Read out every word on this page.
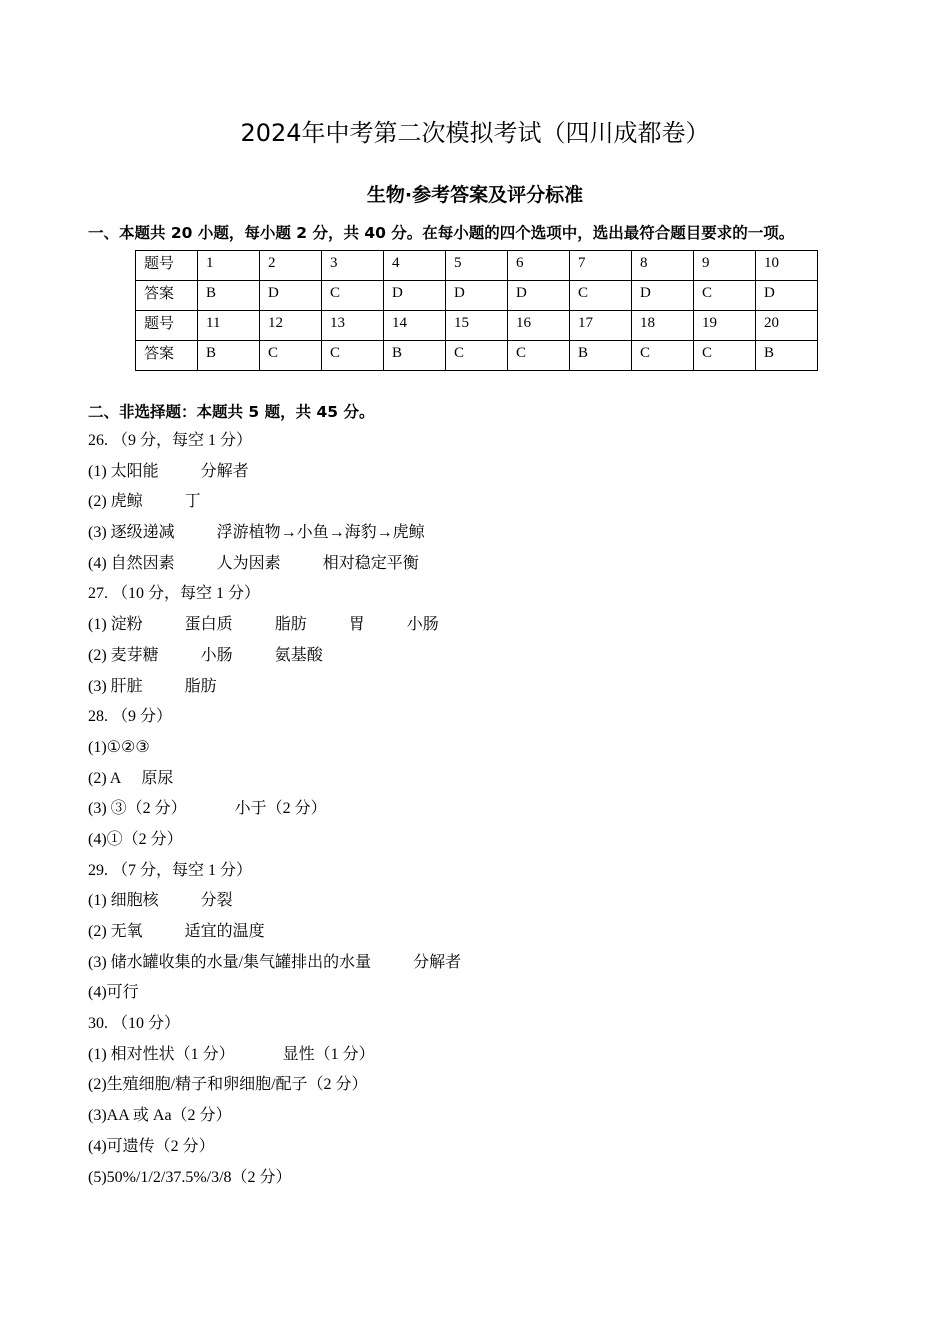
2024年中考第二次模拟考试（四川成都卷）
生物·参考答案及评分标准
一、本题共 20 小题，每小题 2 分，共 40 分。在每小题的四个选项中，选出最符合题目要求的一项。
题号	1	2	3	4	5	6	7	8	9	10
答案	B	D	C	D	D	D	C	D	C	D
题号	11	12	13	14	15	16	17	18	19	20
答案	B	C	C	B	C	C	B	C	C	B
二、非选择题：本题共 5 题，共 45 分。
26. （9 分，每空 1 分）
(1) 太阳能	分解者
(2) 虎鲸	丁
(3) 逐级递减	浮游植物→小鱼→海豹→虎鲸
(4) 自然因素	人为因素	相对稳定平衡
27. （10 分，每空 1 分）
(1) 淀粉	蛋白质	脂肪	胃	小肠
(2) 麦芽糖	小肠	氨基酸
(3) 肝脏	脂肪
28. （9 分）
(1)①②③
(2) A 原尿
(3) ③（2 分）	小于（2 分）
(4)①（2 分）
29. （7 分，每空 1 分）
(1) 细胞核	分裂
(2) 无氧	适宜的温度
(3) 储水罐收集的水量/集气罐排出的水量	分解者
(4)可行
30. （10 分）
(1) 相对性状（1 分）	显性（1 分）
(2)生殖细胞/精子和卵细胞/配子（2 分）
(3)AA 或 Aa（2 分）
(4)可遗传（2 分）
(5)50%/1/2/37.5%/3/8（2 分）
